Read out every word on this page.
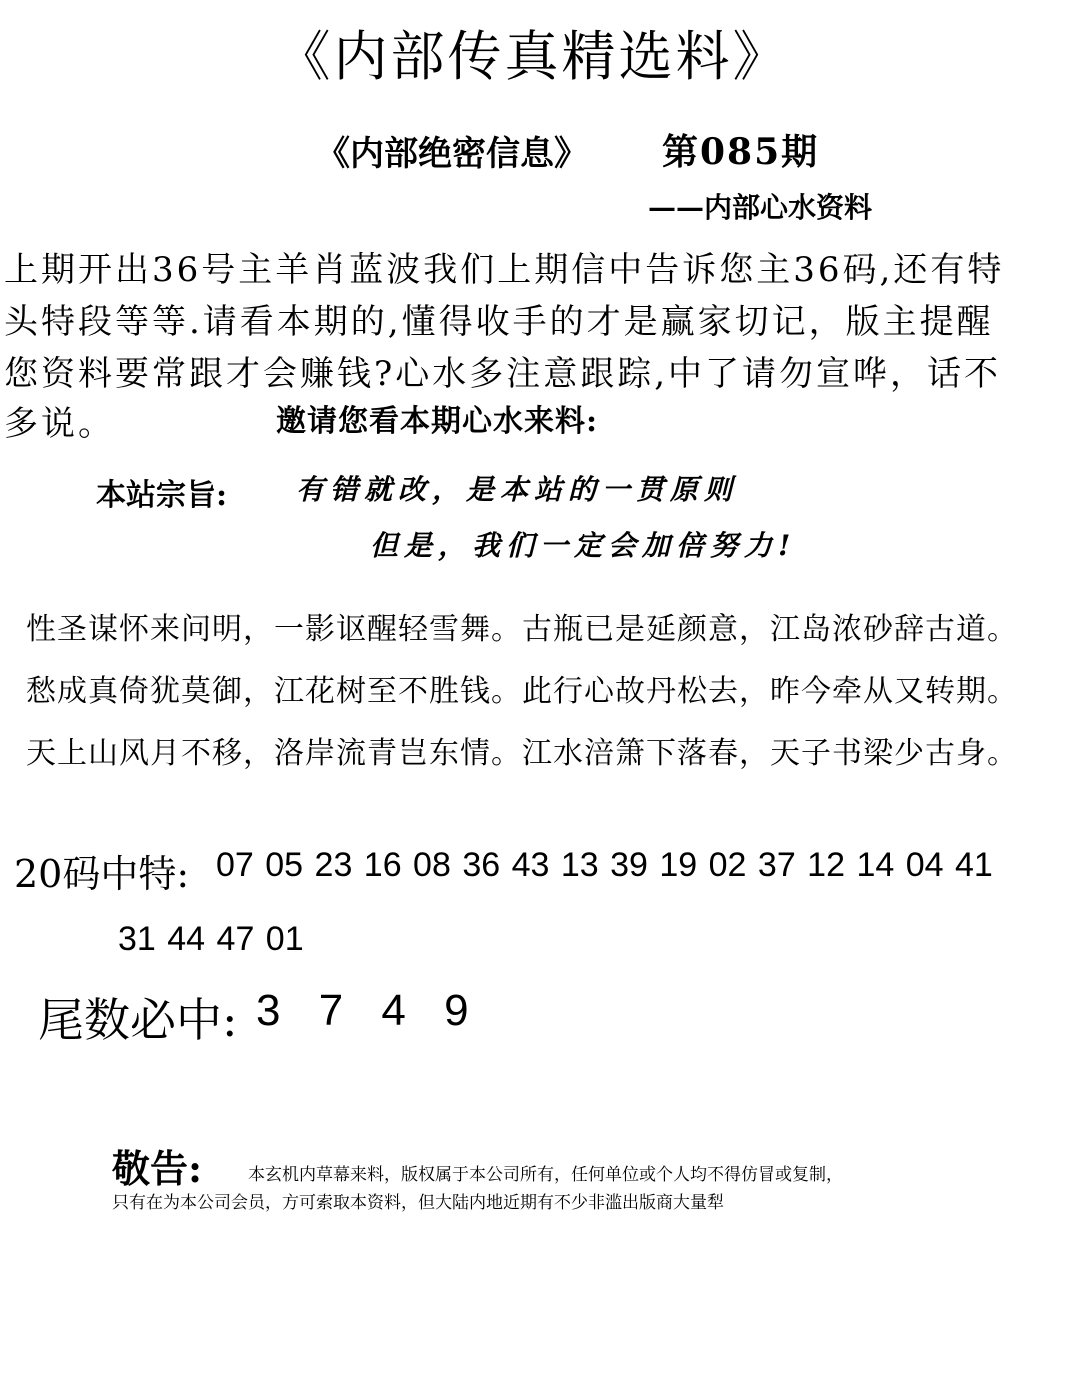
《内部传真精选料》
《内部绝密信息》 第085期
——内部心水资料
上期开出36号主羊肖蓝波我们上期信中告诉您主36码,还有特
头特段等等.请看本期的,懂得收手的才是赢家切记，版主提醒
您资料要常跟才会赚钱?心水多注意跟踪,中了请勿宣哗，话不
多说。	邀请您看本期心水来料:
本站宗旨: 有错就改，是本站的一贯原则
但是，我们一定会加倍努力!
性圣谋怀来问明，一影讴醒轻雪舞。古瓶已是延颜意，江岛浓砂辞古道。
愁成真倚犹莫御，江花树至不胜钱。此行心故丹松去，昨今牵从又转期。
天上山风月不移，洛岸流青岂东情。江水涪箫下落春，天子书梁少古身。
20码中特: 07 05 23 16 08 36 43 13 39 19 02 37 12 14 04 41
31 44 47 01
尾数必中: 3 7 4 9
敬告:	本玄机内草幕来料，版权属于本公司所有，任何单位或个人均不得仿冒或复制，
只有在为本公司会员，方可索取本资料，但大陆内地近期有不少非滥出版商大量犁
